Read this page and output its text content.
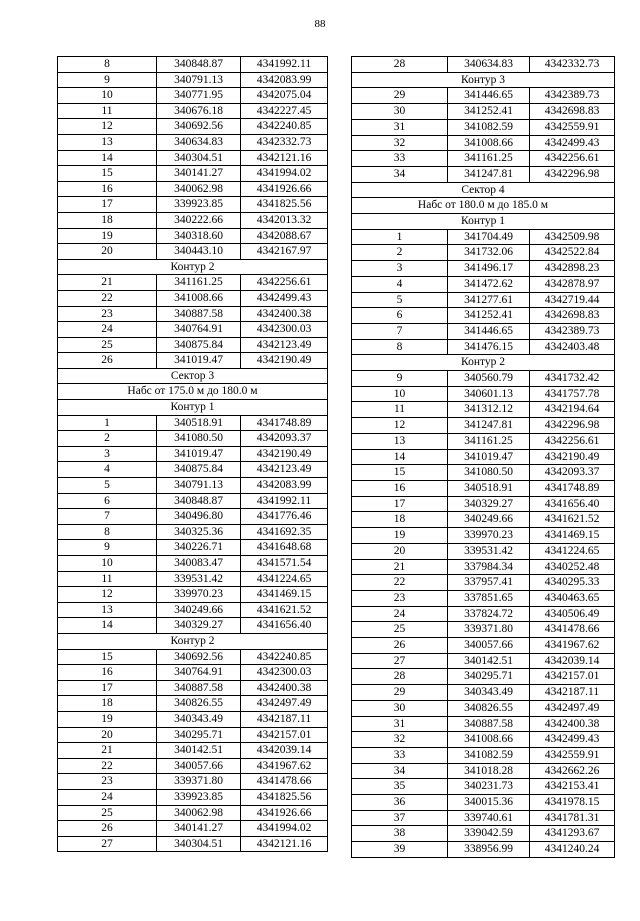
88
8	340848.87	4341992.11
9	340791.13	4342083.99
10	340771.95	4342075.04
11	340676.18	4342227.45
12	340692.56	4342240.85
13	340634.83	4342332.73
14	340304.51	4342121.16
15	340141.27	4341994.02
16	340062.98	4341926.66
17	339923.85	4341825.56
18	340222.66	4342013.32
19	340318.60	4342088.67
20	340443.10	4342167.97
Контур 2		
21	341161.25	4342256.61
22	341008.66	4342499.43
23	340887.58	4342400.38
24	340764.91	4342300.03
25	340875.84	4342123.49
26	341019.47	4342190.49
Сектор 3		
Набс от 175.0 м до 180.0 м		
Контур 1		
1	340518.91	4341748.89
2	341080.50	4342093.37
3	341019.47	4342190.49
4	340875.84	4342123.49
5	340791.13	4342083.99
6	340848.87	4341992.11
7	340496.80	4341776.46
8	340325.36	4341692.35
9	340226.71	4341648.68
10	340083.47	4341571.54
11	339531.42	4341224.65
12	339970.23	4341469.15
13	340249.66	4341621.52
14	340329.27	4341656.40
Контур 2		
15	340692.56	4342240.85
16	340764.91	4342300.03
17	340887.58	4342400.38
18	340826.55	4342497.49
19	340343.49	4342187.11
20	340295.71	4342157.01
21	340142.51	4342039.14
22	340057.66	4341967.62
23	339371.80	4341478.66
24	339923.85	4341825.56
25	340062.98	4341926.66
26	340141.27	4341994.02
27	340304.51	4342121.16
28	340634.83	4342332.73
Контур 3		
29	341446.65	4342389.73
30	341252.41	4342698.83
31	341082.59	4342559.91
32	341008.66	4342499.43
33	341161.25	4342256.61
34	341247.81	4342296.98
Сектор 4		
Набс от 180.0 м до 185.0 м		
Контур 1		
1	341704.49	4342509.98
2	341732.06	4342522.84
3	341496.17	4342898.23
4	341472.62	4342878.97
5	341277.61	4342719.44
6	341252.41	4342698.83
7	341446.65	4342389.73
8	341476.15	4342403.48
Контур 2		
9	340560.79	4341732.42
10	340601.13	4341757.78
11	341312.12	4342194.64
12	341247.81	4342296.98
13	341161.25	4342256.61
14	341019.47	4342190.49
15	341080.50	4342093.37
16	340518.91	4341748.89
17	340329.27	4341656.40
18	340249.66	4341621.52
19	339970.23	4341469.15
20	339531.42	4341224.65
21	337984.34	4340252.48
22	337957.41	4340295.33
23	337851.65	4340463.65
24	337824.72	4340506.49
25	339371.80	4341478.66
26	340057.66	4341967.62
27	340142.51	4342039.14
28	340295.71	4342157.01
29	340343.49	4342187.11
30	340826.55	4342497.49
31	340887.58	4342400.38
32	341008.66	4342499.43
33	341082.59	4342559.91
34	341018.28	4342662.26
35	340231.73	4342153.41
36	340015.36	4341978.15
37	339740.61	4341781.31
38	339042.59	4341293.67
39	338956.99	4341240.24
